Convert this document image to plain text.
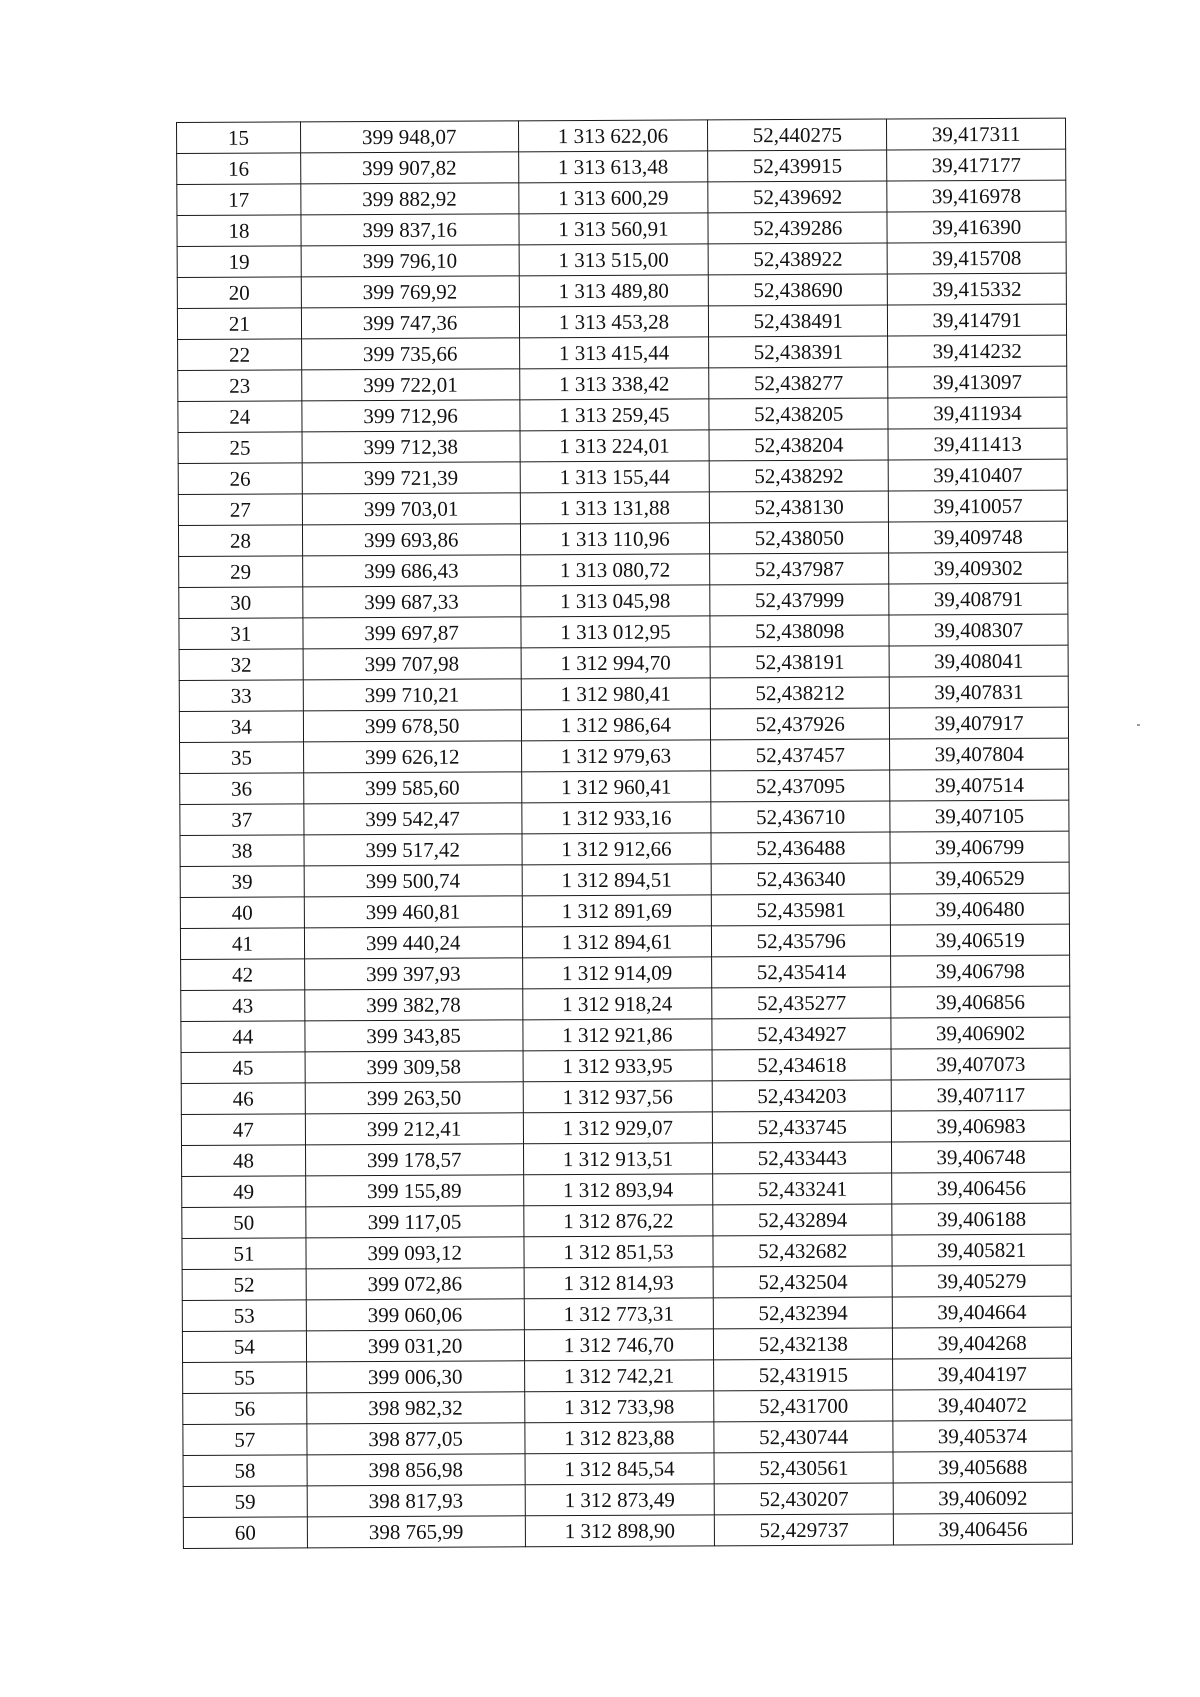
15	399 948,07	1 313 622,06	52,440275	39,417311
16	399 907,82	1 313 613,48	52,439915	39,417177
17	399 882,92	1 313 600,29	52,439692	39,416978
18	399 837,16	1 313 560,91	52,439286	39,416390
19	399 796,10	1 313 515,00	52,438922	39,415708
20	399 769,92	1 313 489,80	52,438690	39,415332
21	399 747,36	1 313 453,28	52,438491	39,414791
22	399 735,66	1 313 415,44	52,438391	39,414232
23	399 722,01	1 313 338,42	52,438277	39,413097
24	399 712,96	1 313 259,45	52,438205	39,411934
25	399 712,38	1 313 224,01	52,438204	39,411413
26	399 721,39	1 313 155,44	52,438292	39,410407
27	399 703,01	1 313 131,88	52,438130	39,410057
28	399 693,86	1 313 110,96	52,438050	39,409748
29	399 686,43	1 313 080,72	52,437987	39,409302
30	399 687,33	1 313 045,98	52,437999	39,408791
31	399 697,87	1 313 012,95	52,438098	39,408307
32	399 707,98	1 312 994,70	52,438191	39,408041
33	399 710,21	1 312 980,41	52,438212	39,407831
34	399 678,50	1 312 986,64	52,437926	39,407917
35	399 626,12	1 312 979,63	52,437457	39,407804
36	399 585,60	1 312 960,41	52,437095	39,407514
37	399 542,47	1 312 933,16	52,436710	39,407105
38	399 517,42	1 312 912,66	52,436488	39,406799
39	399 500,74	1 312 894,51	52,436340	39,406529
40	399 460,81	1 312 891,69	52,435981	39,406480
41	399 440,24	1 312 894,61	52,435796	39,406519
42	399 397,93	1 312 914,09	52,435414	39,406798
43	399 382,78	1 312 918,24	52,435277	39,406856
44	399 343,85	1 312 921,86	52,434927	39,406902
45	399 309,58	1 312 933,95	52,434618	39,407073
46	399 263,50	1 312 937,56	52,434203	39,407117
47	399 212,41	1 312 929,07	52,433745	39,406983
48	399 178,57	1 312 913,51	52,433443	39,406748
49	399 155,89	1 312 893,94	52,433241	39,406456
50	399 117,05	1 312 876,22	52,432894	39,406188
51	399 093,12	1 312 851,53	52,432682	39,405821
52	399 072,86	1 312 814,93	52,432504	39,405279
53	399 060,06	1 312 773,31	52,432394	39,404664
54	399 031,20	1 312 746,70	52,432138	39,404268
55	399 006,30	1 312 742,21	52,431915	39,404197
56	398 982,32	1 312 733,98	52,431700	39,404072
57	398 877,05	1 312 823,88	52,430744	39,405374
58	398 856,98	1 312 845,54	52,430561	39,405688
59	398 817,93	1 312 873,49	52,430207	39,406092
60	398 765,99	1 312 898,90	52,429737	39,406456
